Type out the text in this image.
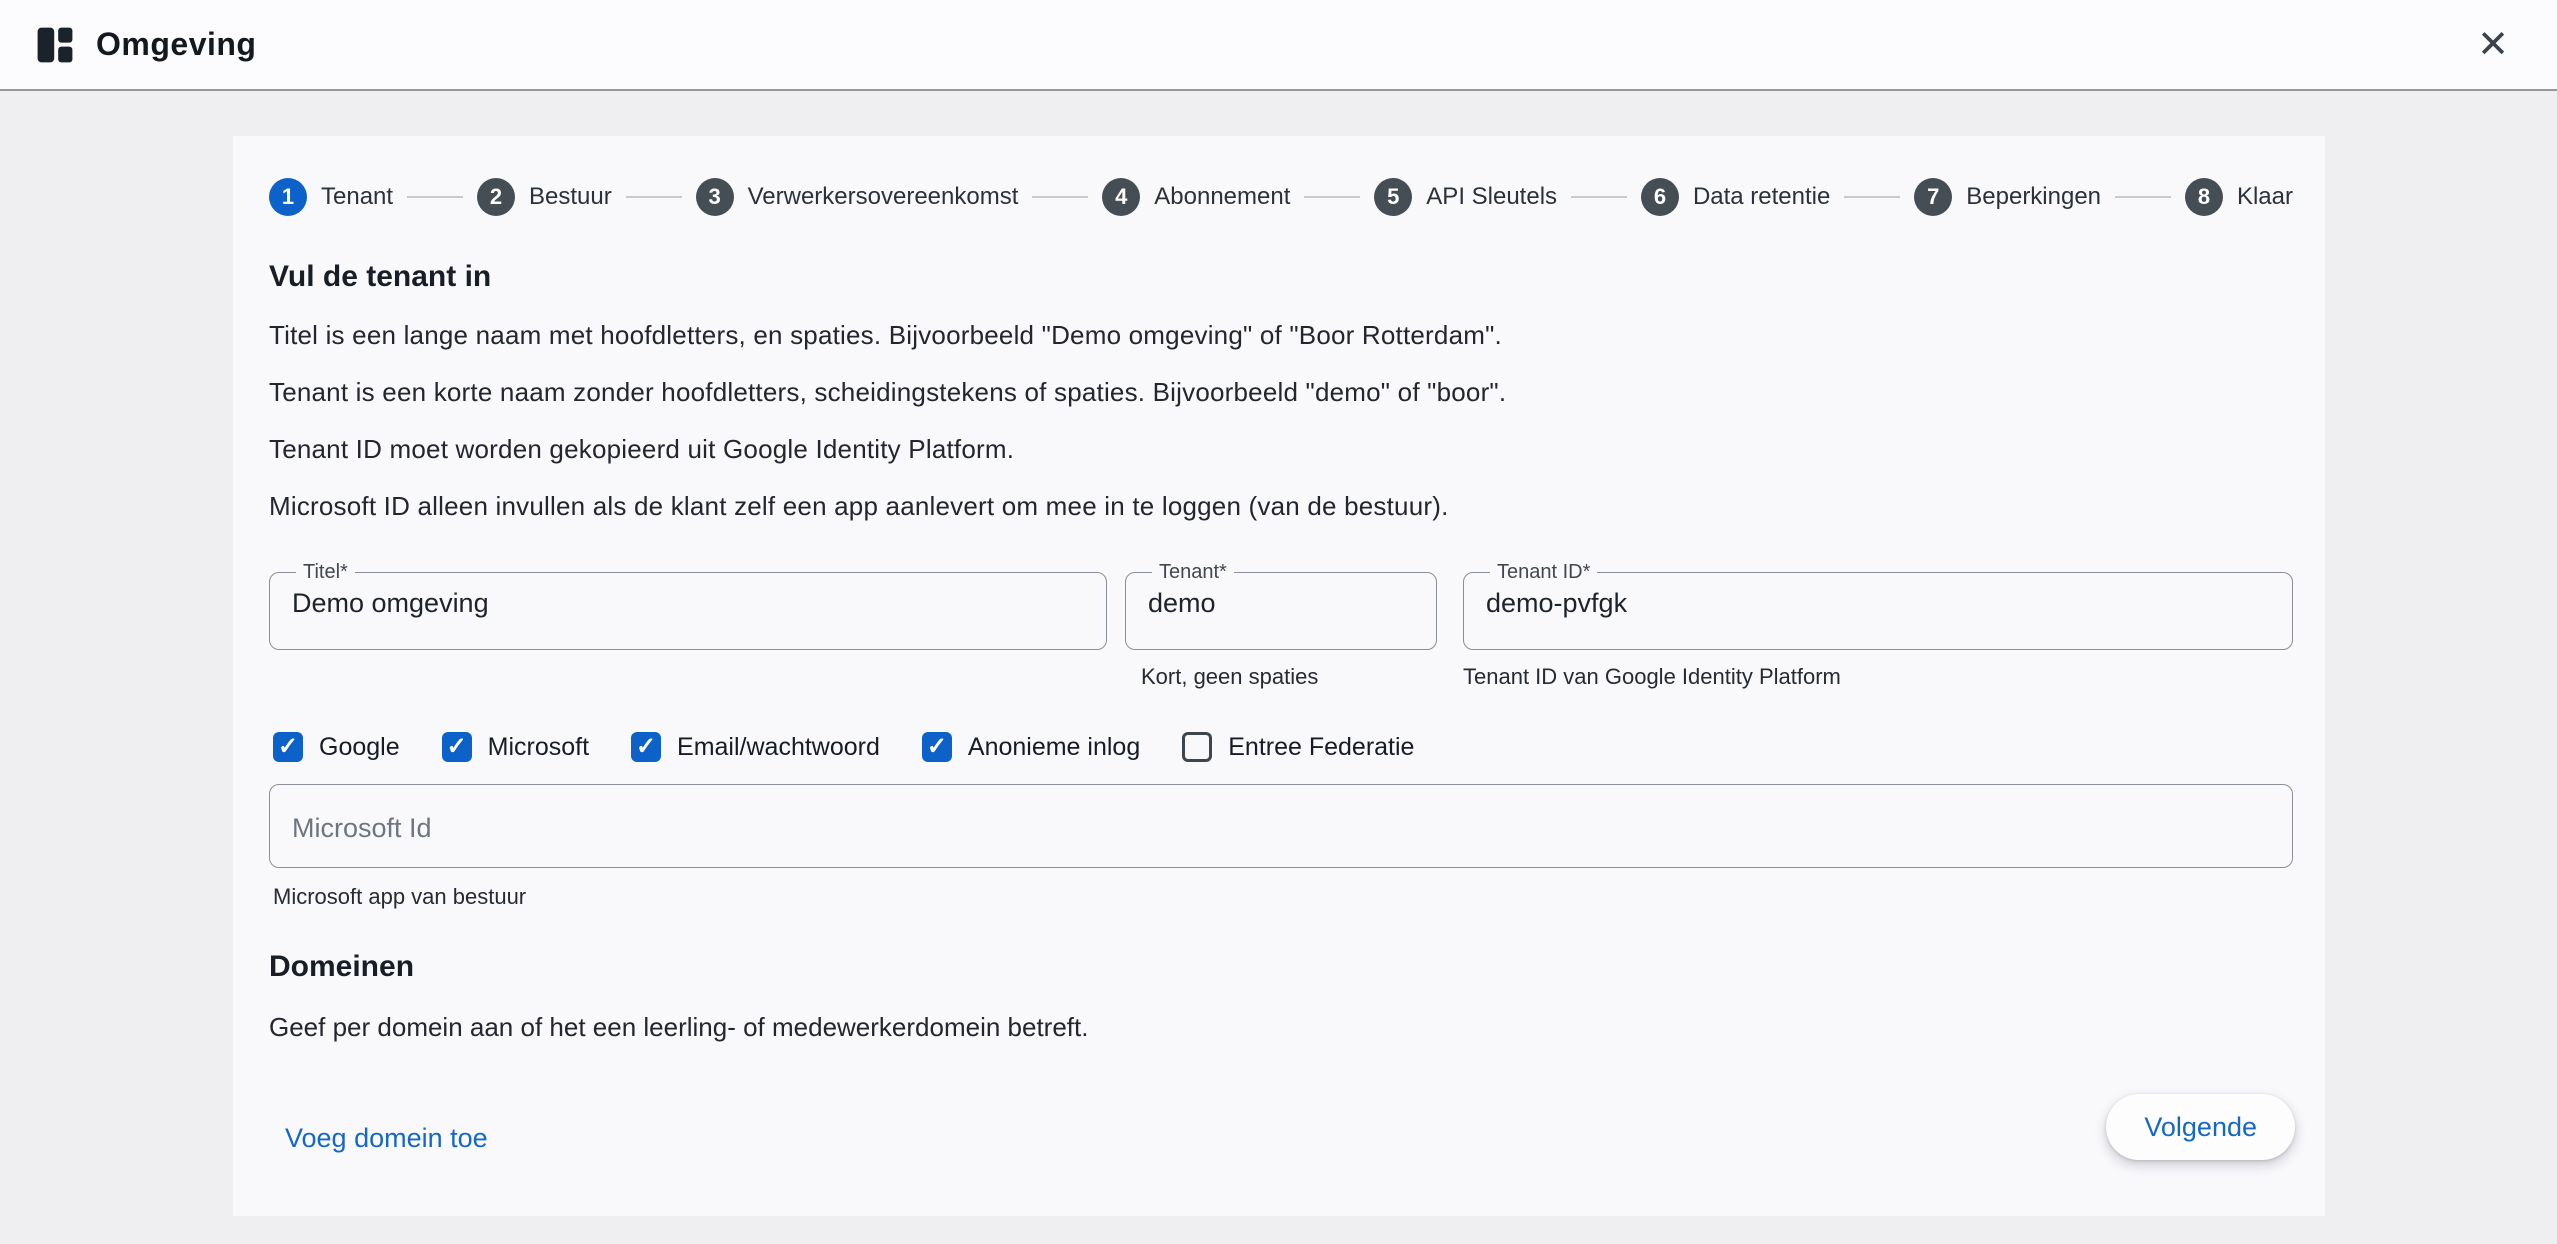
Omgeving	✕
1	Tenant	2	Bestuur	3	Verwerkersovereenkomst	4	Abonnement	5	API Sleutels	6	Data retentie	7	Beperkingen	8	Klaar
Vul de tenant in
Titel is een lange naam met hoofdletters, en spaties. Bijvoorbeeld "Demo omgeving" of "Boor Rotterdam".
Tenant is een korte naam zonder hoofdletters, scheidingstekens of spaties. Bijvoorbeeld "demo" of "boor".
Tenant ID moet worden gekopieerd uit Google Identity Platform.
Microsoft ID alleen invullen als de klant zelf een app aanlevert om mee in te loggen (van de bestuur).
Titel*
Demo omgeving	Tenant*
demo	Tenant ID*
demo-pvfgk
Kort, geen spaties	Tenant ID van Google Identity Platform
✓ Google ✓ Microsoft ✓ Email/wachtwoord ✓ Anonieme inlog	Entree Federatie
Microsoft Id
Microsoft app van bestuur
Domeinen
Geef per domein aan of het een leerling- of medewerkerdomein betreft.
Voeg domein toe	Volgende
